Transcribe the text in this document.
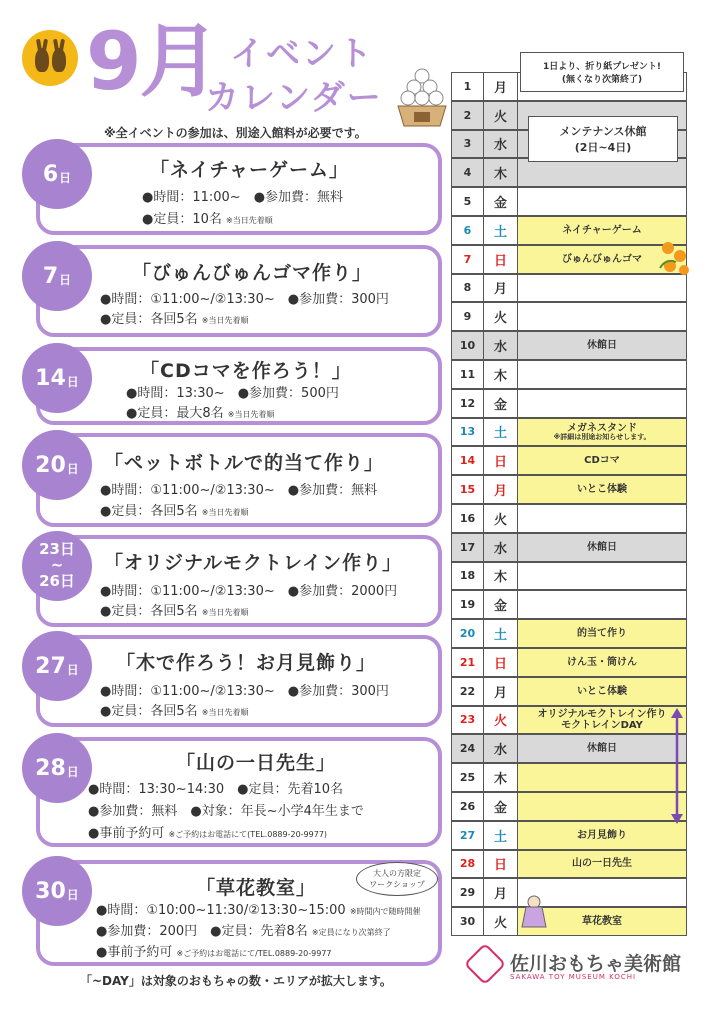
9月 イベント
カレンダー
※全イベントの参加は、別途入館料が必要です。
6 日	「ネイチャーゲーム」
●時間：11:00~　●参加費：無料
●定員：10名 ※当日先着順
7 日	「びゅんびゅんゴマ作り」
●時間：①11:00~/②13:30~　●参加費：300円
●定員：各回5名 ※当日先着順
14 日	「CDコマを作ろう！」
●時間：13:30~　●参加費：500円
●定員：最大8名 ※当日先着順
20 日 「ペットボトルで的当て作り」
●時間：①11:00~/②13:30~　●参加費：無料
●定員：各回5名 ※当日先着順
23日
~
26日
「オリジナルモクトレイン作り」
●時間：①11:00~/②13:30~　●参加費：2000円
●定員：各回5名 ※当日先着順
27 日 「木で作ろう！お月見飾り」
●時間：①11:00~/②13:30~　●参加費：300円
●定員：各回5名 ※当日先着順
28 日	「山の一日先生」
●時間：13:30~14:30　●定員：先着10名
●参加費：無料　●対象：年長~小学4年生まで
●事前予約可 ※ご予約はお電話にて(TEL.0889-20-9977)
30 日	「草花教室」
大人の方限定
ワークショップ
●時間：①10:00~11:30/②13:30~15:00 ※時間内で随時開催
●参加費：200円　●定員：先着8名 ※定員になり次第終了
●事前予約可 ※ご予約はお電話にて/TEL.0889-20-9977
「~DAY」は対象のおもちゃの数・エリアが拡大します。
1	月
2	火
3	水
4	木
5	金
6	土	ネイチャーゲーム
7	日	びゅんびゅんゴマ
8	月
9	火
10	水	休館日
11	木
12	金
13	土	メガネスタンド
※詳細は別途お知らせします。
14	日	CDコマ
15	月	いとこ体験
16	火
17	水	休館日
18	木
19	金
20	土	的当て作り
21	日	けん玉・筒けん
22	月	いとこ体験
23	火	オリジナルモクトレイン作り
モクトレインDAY
24	水	休館日
25	木
26	金
27	土	お月見飾り
28	日	山の一日先生
29	月
30	火	草花教室
1日より、折り紙プレゼント!
(無くなり次第終了)
メンテナンス休館
(2日~4日)
佐川おもちゃ美術館
SAKAWA TOY MUSEUM KOCHI
